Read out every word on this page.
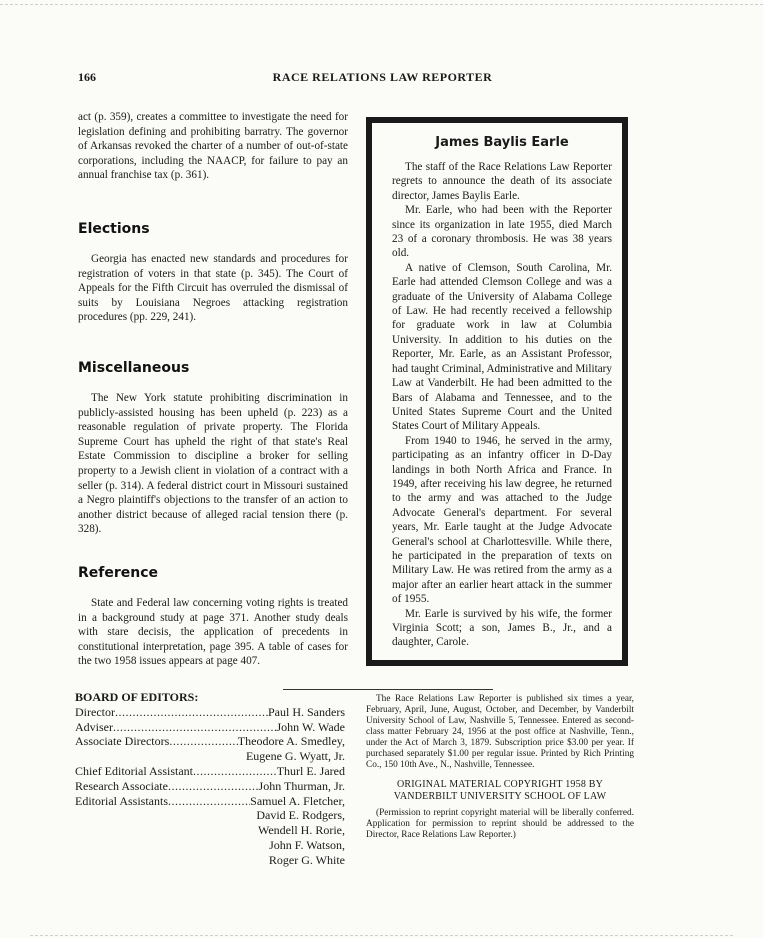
166	RACE RELATIONS LAW REPORTER

act (p. 359), creates a committee to investigate the need for legislation defining and prohibiting barratry. The governor of Arkansas revoked the charter of a number of out-of-state corporations, including the NAACP, for failure to pay an annual franchise tax (p. 361).

Elections

Georgia has enacted new standards and procedures for registration of voters in that state (p. 345). The Court of Appeals for the Fifth Circuit has overruled the dismissal of suits by Louisiana Negroes attacking registration procedures (pp. 229, 241).

Miscellaneous

The New York statute prohibiting discrimination in publicly-assisted housing has been upheld (p. 223) as a reasonable regulation of private property. The Florida Supreme Court has upheld the right of that state's Real Estate Commission to discipline a broker for selling property to a Jewish client in violation of a contract with a seller (p. 314). A federal district court in Missouri sustained a Negro plaintiff's objections to the transfer of an action to another district because of alleged racial tension there (p. 328).

Reference

State and Federal law concerning voting rights is treated in a background study at page 371. Another study deals with stare decisis, the application of precedents in constitutional interpretation, page 395. A table of cases for the two 1958 issues appears at page 407.

James Baylis Earle

The staff of the Race Relations Law Reporter regrets to announce the death of its associate director, James Baylis Earle.

Mr. Earle, who had been with the Reporter since its organization in late 1955, died March 23 of a coronary thrombosis. He was 38 years old.

A native of Clemson, South Carolina, Mr. Earle had attended Clemson College and was a graduate of the University of Alabama College of Law. He had recently received a fellowship for graduate work in law at Columbia University. In addition to his duties on the Reporter, Mr. Earle, as an Assistant Professor, had taught Criminal, Administrative and Military Law at Vanderbilt. He had been admitted to the Bars of Alabama and Tennessee, and to the United States Supreme Court and the United States Court of Military Appeals.

From 1940 to 1946, he served in the army, participating as an infantry officer in D-Day landings in both North Africa and France. In 1949, after receiving his law degree, he returned to the army and was attached to the Judge Advocate General's department. For several years, Mr. Earle taught at the Judge Advocate General's school at Charlottesville. While there, he participated in the preparation of texts on Military Law. He was retired from the army as a major after an earlier heart attack in the summer of 1955.

Mr. Earle is survived by his wife, the former Virginia Scott; a son, James B., Jr., and a daughter, Carole.

BOARD OF EDITORS:
Director .....	Paul H. Sanders
Adviser .....	John W. Wade
Associate Directors .....	Theodore A. Smedley,
Eugene G. Wyatt, Jr.
Chief Editorial Assistant .....	Thurl E. Jared
Research Associate .....	John Thurman, Jr.
Editorial Assistants .....	Samuel A. Fletcher,
David E. Rodgers,
Wendell H. Rorie,
John F. Watson,
Roger G. White

The Race Relations Law Reporter is published six times a year, February, April, June, August, October, and December, by Vanderbilt University School of Law, Nashville 5, Tennessee. Entered as second-class matter February 24, 1956 at the post office at Nashville, Tenn., under the Act of March 3, 1879. Subscription price $3.00 per year. If purchased separately $1.00 per regular issue. Printed by Rich Printing Co., 150 10th Ave., N., Nashville, Tennessee.

ORIGINAL MATERIAL COPYRIGHT 1958 BY
VANDERBILT UNIVERSITY SCHOOL OF LAW

(Permission to reprint copyright material will be liberally conferred. Application for permission to reprint should be addressed to the Director, Race Relations Law Reporter.)
